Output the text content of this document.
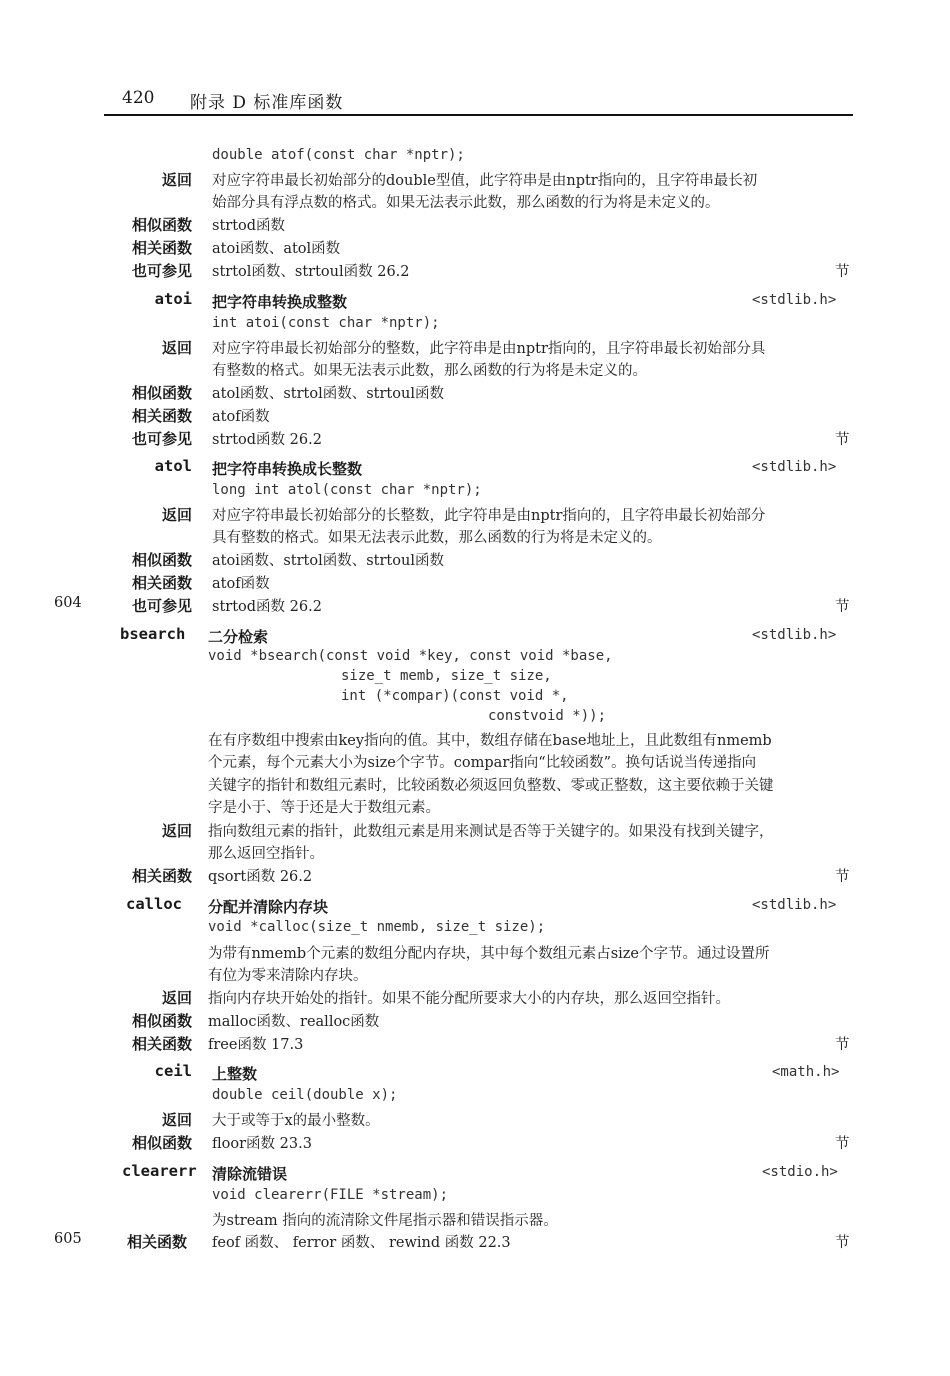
420 附录 D 标准库函数
double atof(const char *nptr);
返回 对应字符串最长初始部分的double型值，此字符串是由nptr指向的，且字符串最长初
始部分具有浮点数的格式。如果无法表示此数，那么函数的行为将是未定义的。
相似函数 strtod函数
相关函数 atoi函数、atol函数
也可参见 strtol函数、strtoul函数 26.2	节
atoi 把字符串转换成整数	<stdlib.h>
int atoi(const char *nptr);
返回 对应字符串最长初始部分的整数，此字符串是由nptr指向的，且字符串最长初始部分具
有整数的格式。如果无法表示此数，那么函数的行为将是未定义的。
相似函数 atol函数、strtol函数、strtoul函数
相关函数 atof函数
也可参见 strtod函数 26.2	节
atol 把字符串转换成长整数	<stdlib.h>
long int atol(const char *nptr);
返回 对应字符串最长初始部分的长整数，此字符串是由nptr指向的，且字符串最长初始部分
具有整数的格式。如果无法表示此数，那么函数的行为将是未定义的。
相似函数 atoi函数、strtol函数、strtoul函数
相关函数 atof函数
604	也可参见 strtod函数 26.2	节
bsearch 二分检索	<stdlib.h>
void *bsearch(const void *key, const void *base,
size_t memb, size_t size,
int (*compar)(const void *,
constvoid *));
在有序数组中搜索由key指向的值。其中，数组存储在base地址上，且此数组有nmemb
个元素，每个元素大小为size个字节。compar指向“比较函数”。换句话说当传递指向
关键字的指针和数组元素时，比较函数必须返回负整数、零或正整数，这主要依赖于关键
字是小于、等于还是大于数组元素。
返回 指向数组元素的指针，此数组元素是用来测试是否等于关键字的。如果没有找到关键字，
那么返回空指针。
相关函数 qsort函数 26.2	节
calloc 分配并清除内存块	<stdlib.h>
void *calloc(size_t nmemb, size_t size);
为带有nmemb个元素的数组分配内存块，其中每个数组元素占size个字节。通过设置所
有位为零来清除内存块。
返回 指向内存块开始处的指针。如果不能分配所要求大小的内存块，那么返回空指针。
相似函数 malloc函数、realloc函数
相关函数 free函数 17.3	节
ceil 上整数	<math.h>
double ceil(double x);
返回 大于或等于x的最小整数。
相似函数 floor函数 23.3	节
clearerr 清除流错误	<stdio.h>
void clearerr(FILE *stream);
为stream 指向的流清除文件尾指示器和错误指示器。
605	相关函数 feof 函数、 ferror 函数、 rewind 函数 22.3	节
